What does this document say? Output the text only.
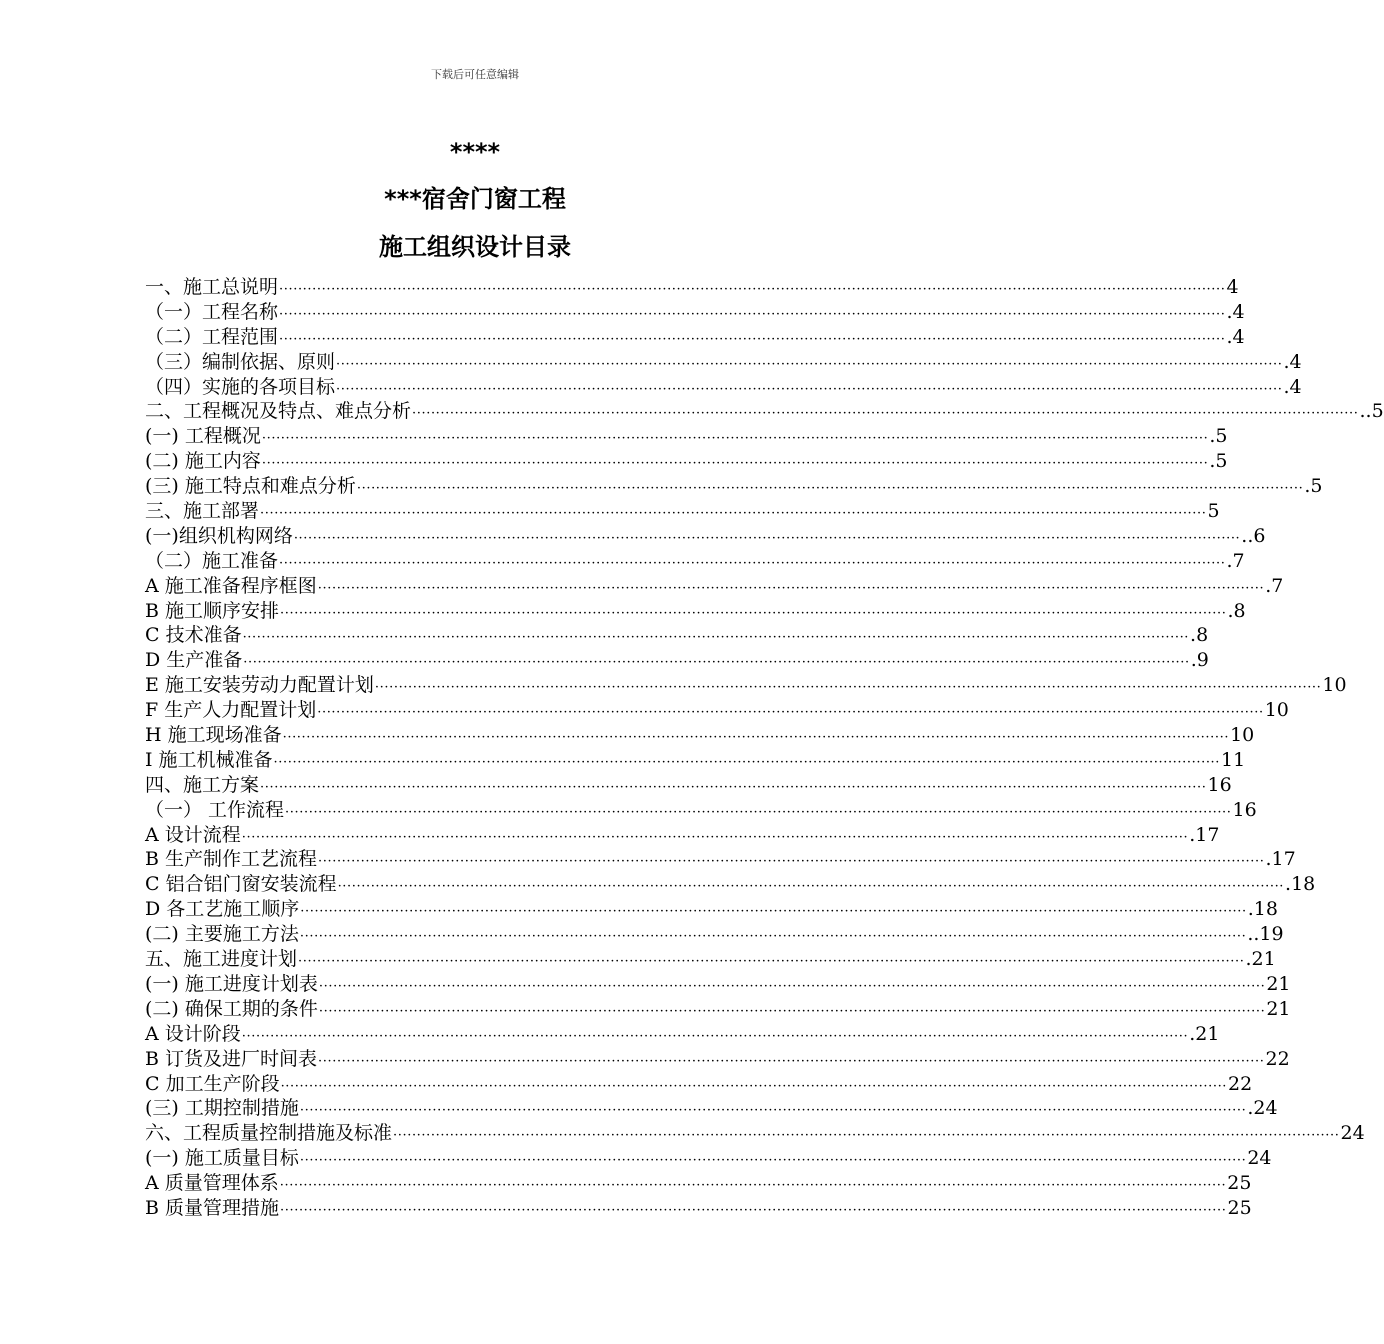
下载后可任意编辑
****
***宿舍门窗工程
施工组织设计目录
一、施工总说明 ········································································································································································································ 4
（一）工程名称 ········································································································································································································ .4
（二）工程范围 ········································································································································································································ .4
（三）编制依据、原则 ········································································································································································································ .4
（四）实施的各项目标 ········································································································································································································ .4
二、工程概况及特点、难点分析 ········································································································································································································ ..5
(一) 工程概况 ········································································································································································································ .5
(二) 施工内容 ········································································································································································································ .5
(三) 施工特点和难点分析 ········································································································································································································ .5
三、施工部署 ········································································································································································································ 5
(一)组织机构网络 ········································································································································································································ ..6
（二）施工准备 ········································································································································································································ .7
A 施工准备程序框图 ········································································································································································································ .7
B 施工顺序安排 ········································································································································································································ .8
C 技术准备 ········································································································································································································ .8
D 生产准备 ········································································································································································································ .9
E 施工安装劳动力配置计划 ········································································································································································································ 10
F 生产人力配置计划 ········································································································································································································ 10
H 施工现场准备 ········································································································································································································ 10
I 施工机械准备 ········································································································································································································ 11
四、施工方案 ········································································································································································································ 16
（一） 工作流程 ········································································································································································································ 16
A 设计流程 ········································································································································································································ .17
B 生产制作工艺流程 ········································································································································································································ .17
C 铝合铝门窗安装流程 ········································································································································································································ .18
D 各工艺施工顺序 ········································································································································································································ .18
(二) 主要施工方法 ········································································································································································································ ..19
五、施工进度计划 ········································································································································································································ .21
(一) 施工进度计划表 ········································································································································································································ 21
(二) 确保工期的条件 ········································································································································································································ 21
A 设计阶段 ········································································································································································································ .21
B 订货及进厂时间表 ········································································································································································································ 22
C 加工生产阶段 ········································································································································································································ 22
(三) 工期控制措施 ········································································································································································································ .24
六、工程质量控制措施及标准 ········································································································································································································ 24
(一) 施工质量目标 ········································································································································································································ 24
A 质量管理体系 ········································································································································································································ 25
B 质量管理措施 ········································································································································································································ 25
